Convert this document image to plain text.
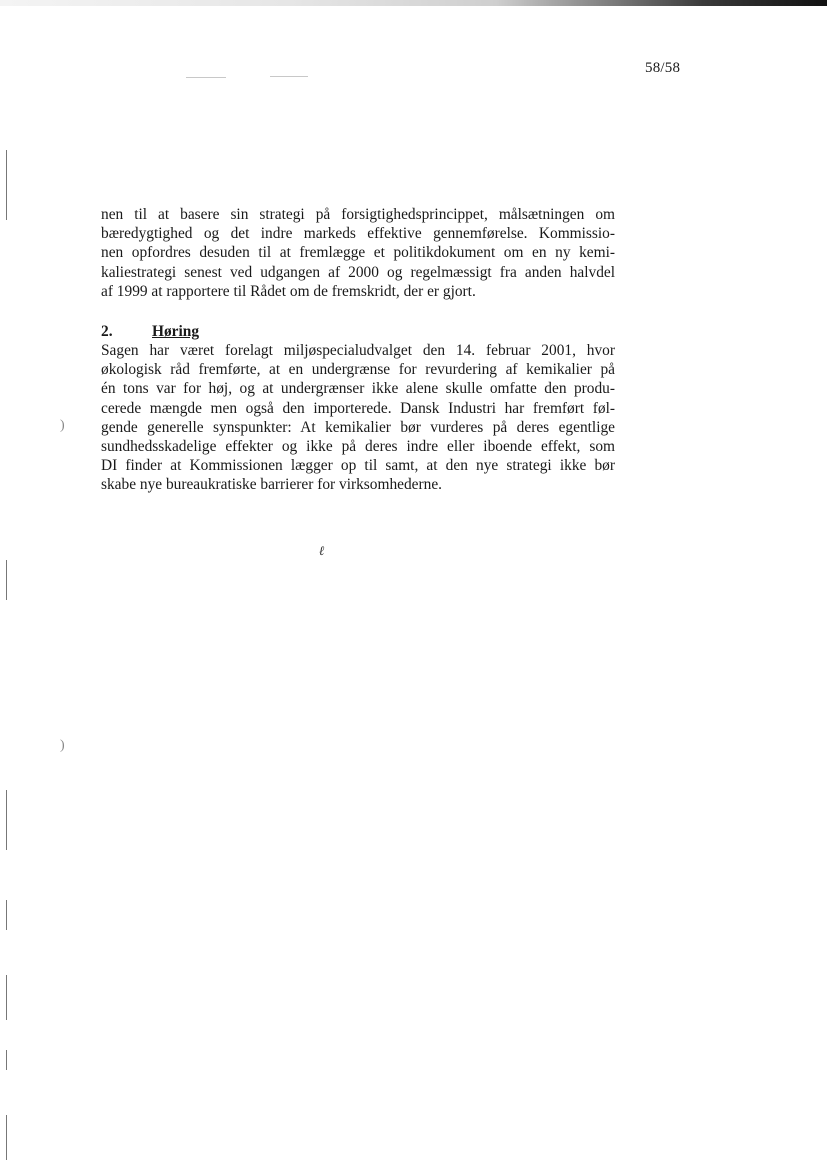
58/58
nen til at basere sin strategi på forsigtighedsprincippet, målsætningen om
bæredygtighed og det indre markeds effektive gennemførelse. Kommissio-
nen opfordres desuden til at fremlægge et politikdokument om en ny kemi-
kaliestrategi senest ved udgangen af 2000 og regelmæssigt fra anden halvdel
af 1999 at rapportere til Rådet om de fremskridt, der er gjort.
2.	Høring
Sagen har været forelagt miljøspecialudvalget den 14. februar 2001, hvor
økologisk råd fremførte, at en undergrænse for revurdering af kemikalier på
én tons var for høj, og at undergrænser ikke alene skulle omfatte den produ-
cerede mængde men også den importerede. Dansk Industri har fremført føl-
gende generelle synspunkter: At kemikalier bør vurderes på deres egentlige
sundhedsskadelige effekter og ikke på deres indre eller iboende effekt, som
DI finder at Kommissionen lægger op til samt, at den nye strategi ikke bør
skabe nye bureaukratiske barrierer for virksomhederne.
)
)
ℓ
